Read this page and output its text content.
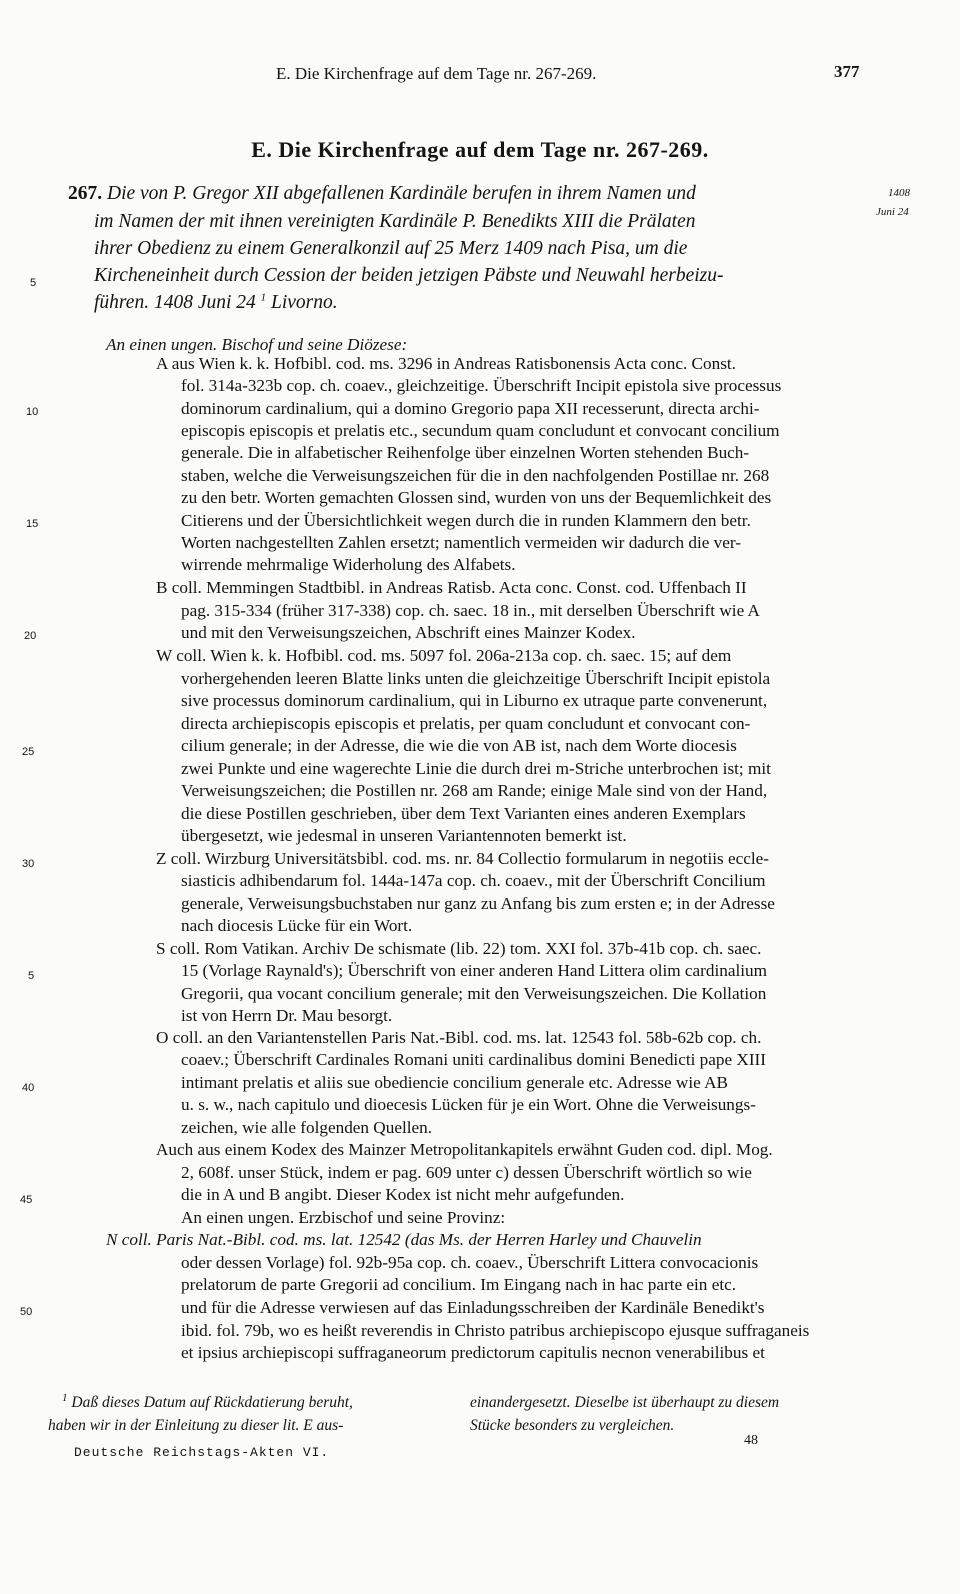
E. Die Kirchenfrage auf dem Tage nr. 267-269.	377
E. Die Kirchenfrage auf dem Tage nr. 267-269.
1408
Juni 24
267. Die von P. Gregor XII abgefallenen Kardinäle berufen in ihrem Namen und
im Namen der mit ihnen vereinigten Kardinäle P. Benedikts XIII die Prälaten
ihrer Obedienz zu einem Generalkonzil auf 25 Merz 1409 nach Pisa, um die
Kircheneinheit durch Cession der beiden jetzigen Päbste und Neuwahl herbeizu-
führen. 1408 Juni 24 $^1$ Livorno.
5
10
15
20
25
30
5
40
45
50
An einen ungen. Bischof und seine Diözese:
A aus Wien k. k. Hofbibl. cod. ms. 3296 in Andreas Ratisbonensis Acta conc. Const.
fol. 314a-323b cop. ch. coaev., gleichzeitige. Überschrift Incipit epistola sive processus
dominorum cardinalium, qui a domino Gregorio papa XII recesserunt, directa archi-
episcopis episcopis et prelatis etc., secundum quam concludunt et convocant concilium
generale. Die in alfabetischer Reihenfolge über einzelnen Worten stehenden Buch-
staben, welche die Verweisungszeichen für die in den nachfolgenden Postillae nr. 268
zu den betr. Worten gemachten Glossen sind, wurden von uns der Bequemlichkeit des
Citierens und der Übersichtlichkeit wegen durch die in runden Klammern den betr.
Worten nachgestellten Zahlen ersetzt; namentlich vermeiden wir dadurch die ver-
wirrende mehrmalige Widerholung des Alfabets.
B coll. Memmingen Stadtbibl. in Andreas Ratisb. Acta conc. Const. cod. Uffenbach II
pag. 315-334 (früher 317-338) cop. ch. saec. 18 in., mit derselben Überschrift wie A
und mit den Verweisungszeichen, Abschrift eines Mainzer Kodex.
W coll. Wien k. k. Hofbibl. cod. ms. 5097 fol. 206a-213a cop. ch. saec. 15; auf dem
vorhergehenden leeren Blatte links unten die gleichzeitige Überschrift Incipit epistola
sive processus dominorum cardinalium, qui in Liburno ex utraque parte convenerunt,
directa archiepiscopis episcopis et prelatis, per quam concludunt et convocant con-
cilium generale; in der Adresse, die wie die von AB ist, nach dem Worte diocesis
zwei Punkte und eine wagerechte Linie die durch drei m-Striche unterbrochen ist; mit
Verweisungszeichen; die Postillen nr. 268 am Rande; einige Male sind von der Hand,
die diese Postillen geschrieben, über dem Text Varianten eines anderen Exemplars
übergesetzt, wie jedesmal in unseren Variantennoten bemerkt ist.
Z coll. Wirzburg Universitätsbibl. cod. ms. nr. 84 Collectio formularum in negotiis eccle-
siasticis adhibendarum fol. 144a-147a cop. ch. coaev., mit der Überschrift Concilium
generale, Verweisungsbuchstaben nur ganz zu Anfang bis zum ersten e; in der Adresse
nach diocesis Lücke für ein Wort.
S coll. Rom Vatikan. Archiv De schismate (lib. 22) tom. XXI fol. 37b-41b cop. ch. saec.
15 (Vorlage Raynald's); Überschrift von einer anderen Hand Littera olim cardinalium
Gregorii, qua vocant concilium generale; mit den Verweisungszeichen. Die Kollation
ist von Herrn Dr. Mau besorgt.
O coll. an den Variantenstellen Paris Nat.-Bibl. cod. ms. lat. 12543 fol. 58b-62b cop. ch.
coaev.; Überschrift Cardinales Romani uniti cardinalibus domini Benedicti pape XIII
intimant prelatis et aliis sue obediencie concilium generale etc. Adresse wie AB
u. s. w., nach capitulo und dioecesis Lücken für je ein Wort. Ohne die Verweisungs-
zeichen, wie alle folgenden Quellen.
Auch aus einem Kodex des Mainzer Metropolitankapitels erwähnt Guden cod. dipl. Mog.
2, 608f. unser Stück, indem er pag. 609 unter c) dessen Überschrift wörtlich so wie
die in A und B angibt. Dieser Kodex ist nicht mehr aufgefunden.
An einen ungen. Erzbischof und seine Provinz:
N coll. Paris Nat.-Bibl. cod. ms. lat. 12542 (das Ms. der Herren Harley und Chauvelin
oder dessen Vorlage) fol. 92b-95a cop. ch. coaev., Überschrift Littera convocacionis
prelatorum de parte Gregorii ad concilium. Im Eingang nach in hac parte ein etc.
und für die Adresse verwiesen auf das Einladungsschreiben der Kardinäle Benedikt's
ibid. fol. 79b, wo es heißt reverendis in Christo patribus archiepiscopo ejusque suffraganeis
et ipsius archiepiscopi suffraganeorum predictorum capitulis necnon venerabilibus et
$^1$ Daß dieses Datum auf Rückdatierung beruht,
haben wir in der Einleitung zu dieser lit. E aus-
einandergesetzt. Dieselbe ist überhaupt zu diesem
Stücke besonders zu vergleichen.
Deutsche Reichstags-Akten VI.
48
